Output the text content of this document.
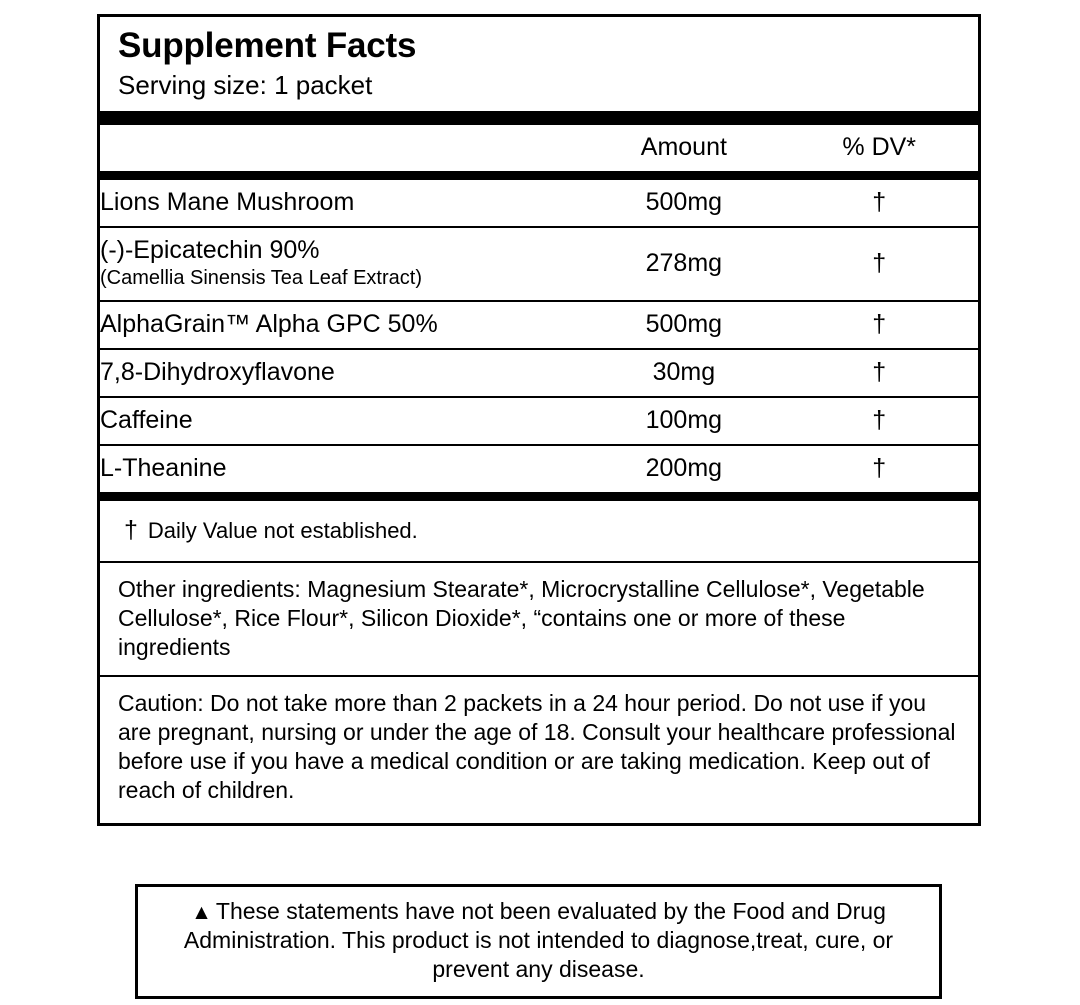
Supplement Facts
Serving size: 1 packet
	Amount	% DV*
Lions Mane Mushroom	500mg	†
(-)-Epicatechin 90%
(Camellia Sinensis Tea Leaf Extract)	278mg	†
AlphaGrain™ Alpha GPC 50%	500mg	†
7,8-Dihydroxyflavone	30mg	†
Caffeine	100mg	†
L-Theanine	200mg	†
† Daily Value not established.
Other ingredients: Magnesium Stearate*, Microcrystalline Cellulose*, Vegetable Cellulose*, Rice Flour*, Silicon Dioxide*, “contains one or more of these ingredients
Caution: Do not take more than 2 packets in a 24 hour period. Do not use if you are pregnant, nursing or under the age of 18. Consult your healthcare professional before use if you have a medical condition or are taking medication. Keep out of reach of children.
▲ These statements have not been evaluated by the Food and Drug Administration. This product is not intended to diagnose,treat, cure, or prevent any disease.
